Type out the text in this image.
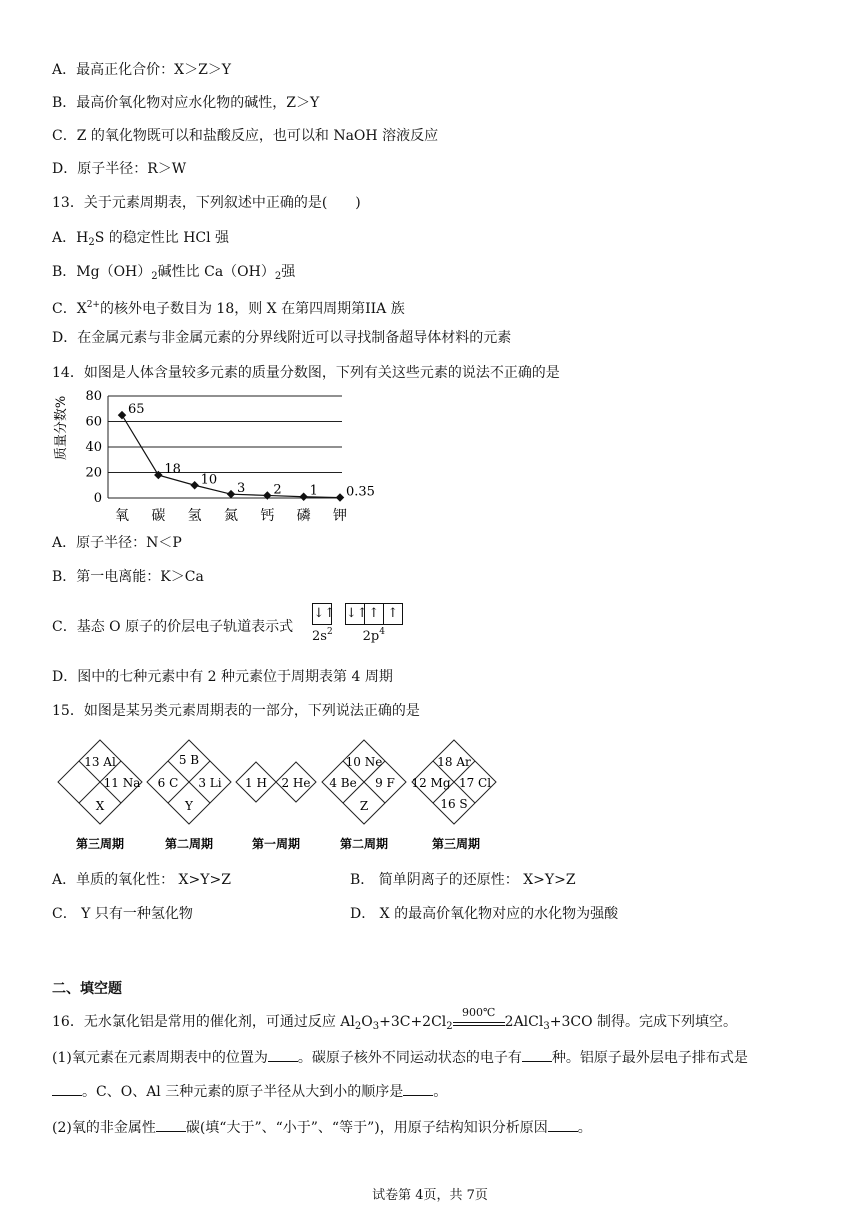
A．最高正化合价：X＞Z＞Y
B．最高价氧化物对应水化物的碱性，Z＞Y
C．Z 的氧化物既可以和盐酸反应，也可以和 NaOH 溶液反应
D．原子半径：R＞W
13．关于元素周期表，下列叙述中正确的是(　　)
A．$H_2S$ 的稳定性比 HCl 强
B．$Mg(OH)_2$碱性比 $Ca(OH)_2$强
C．$X^{2+}$的核外电子数目为 18，则 X 在第四周期第IIA 族
D．在金属元素与非金属元素的分界线附近可以寻找制备超导体材料的元素
14．如图是人体含量较多元素的质量分数图，下列有关这些元素的说法不正确的是
0
20
40
60
80
65
18
10
3 2 1 0.35
氧 碳 氢 氮 钙 磷 钾
质量分数%
A．原子半径：N＜P
B．第一电离能：K＞Ca
C．基态 O 原子的价层电子轨道表示式
↓↑
$2s^2$

↓↑↑ ↑
$2p^4$
D．图中的七种元素中有 2 种元素位于周期表第 4 周期
15．如图是某另类元素周期表的一部分，下列说法正确的是
13 Al
11 Na
X
第三周期
5 B
6 C 3 Li
Y
第二周期
1 H 2 He
第一周期
10 Ne
4 Be 9 F
Z
第二周期
18 Ar
12 Mg 17 Cl
16 S
第三周期
A．单质的氧化性： X>Y>Z	B． 简单阴离子的还原性： X>Y>Z
C． Y 只有一种氢化物	D． X 的最高价氧化物对应的水化物为强酸
二、填空题
16．无水氯化铝是常用的催化剂，可通过反应 $Al_2O_3+3C+2Cl_2$
900℃
2AlCl$_3$+3CO 制得。完成下列填空。
(1)氧元素在元素周期表中的位置为 。碳原子核外不同运动状态的电子有 种。铝原子最外层电子排布式是
。C、O、Al 三种元素的原子半径从大到小的顺序是 。
(2)氧的非金属性 碳(填“大于”、“小于”、“等于”)，用原子结构知识分析原因 。
试卷第 4页，共 7页
